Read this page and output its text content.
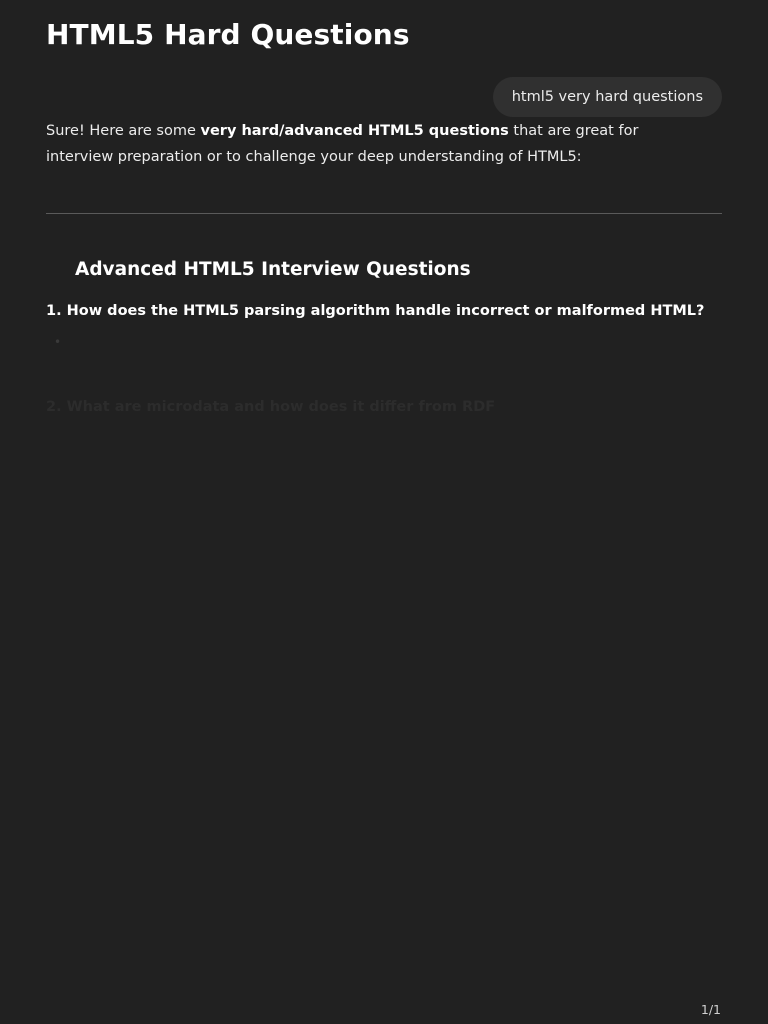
HTML5 Hard Questions
html5 very hard questions

Sure! Here are some very hard/advanced HTML5 questions that are great for interview preparation or to challenge your deep understanding of HTML5:

Advanced HTML5 Interview Questions

1. How does the HTML5 parsing algorithm handle incorrect or malformed HTML?

•

2. What are microdata and how does it differ from RDF

1/1
